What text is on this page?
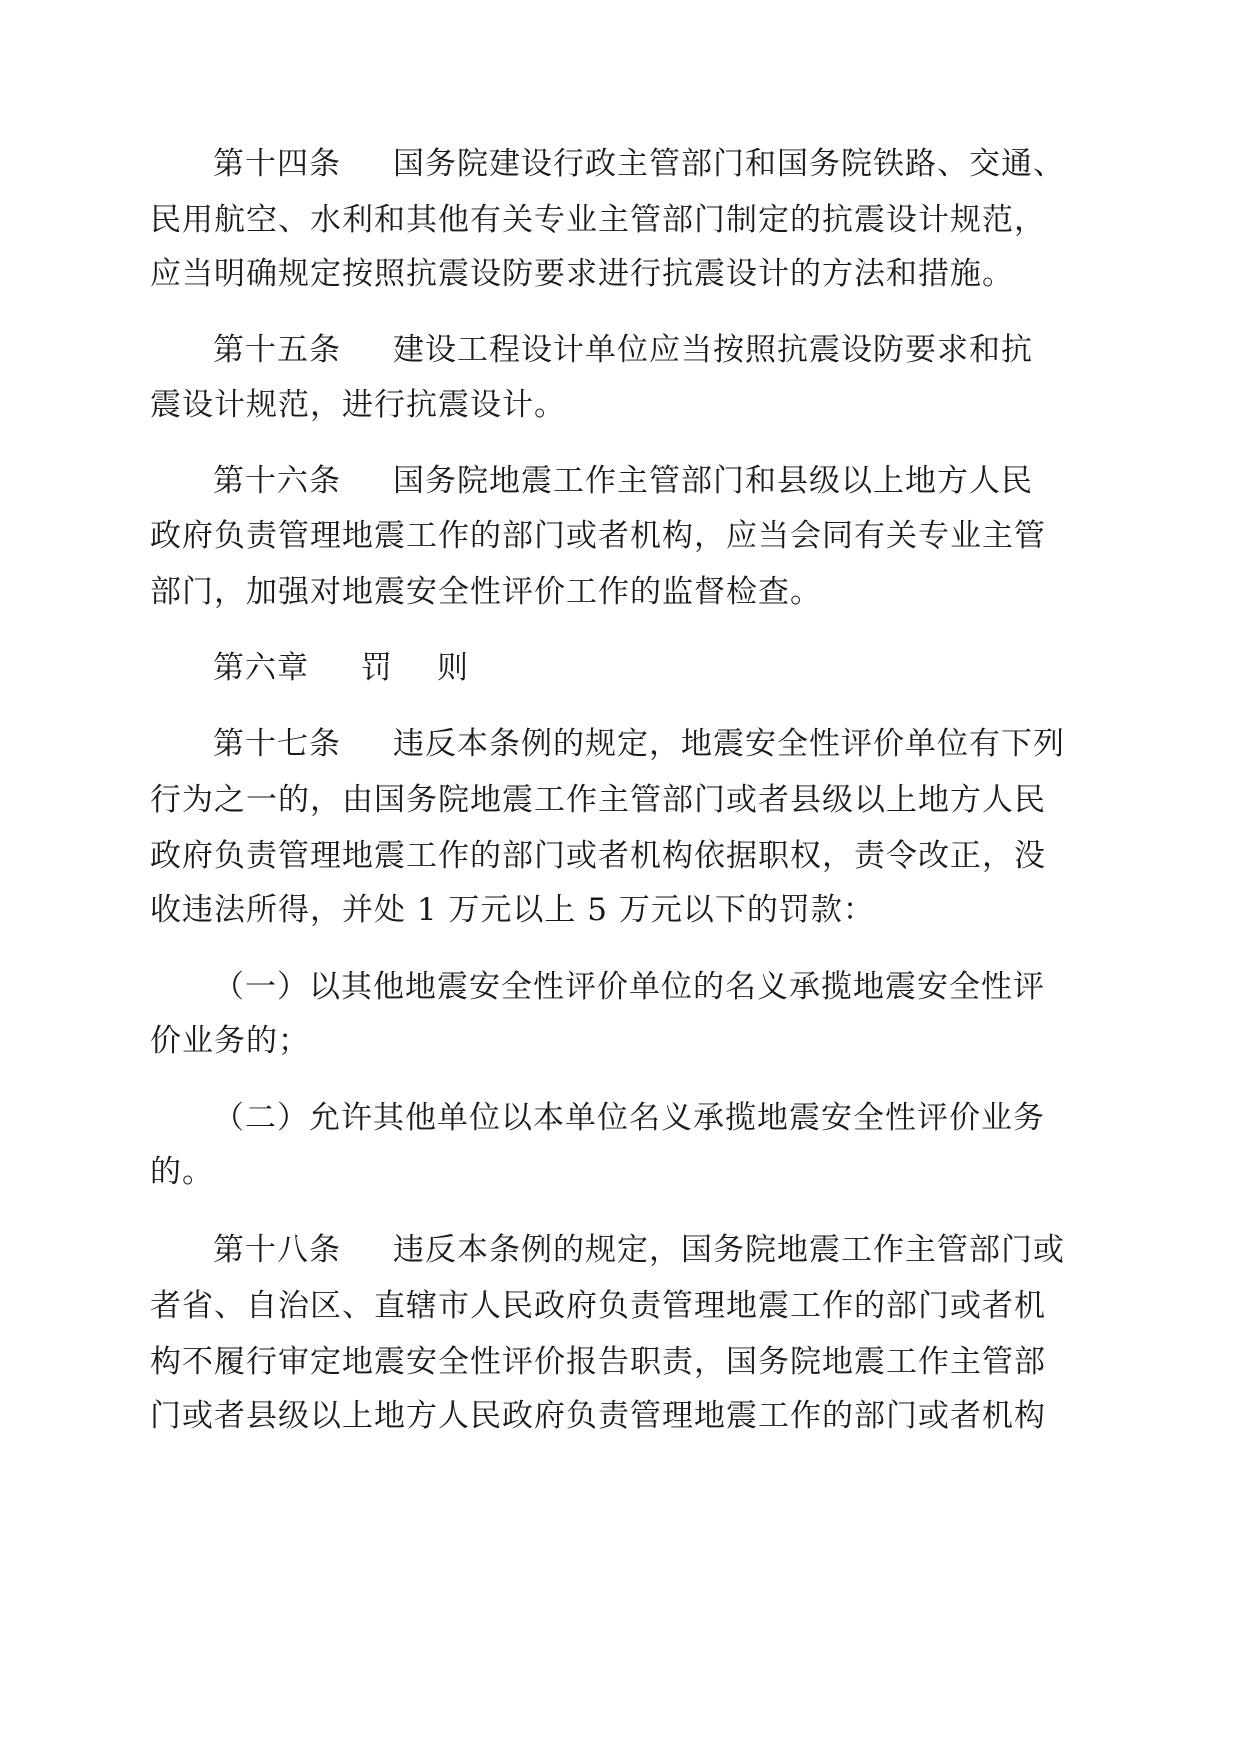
第十四条 国务院建设行政主管部门和国务院铁路、交通、
民用航空、水利和其他有关专业主管部门制定的抗震设计规范，
应当明确规定按照抗震设防要求进行抗震设计的方法和措施。
第十五条 建设工程设计单位应当按照抗震设防要求和抗
震设计规范，进行抗震设计。
第十六条 国务院地震工作主管部门和县级以上地方人民
政府负责管理地震工作的部门或者机构，应当会同有关专业主管
部门，加强对地震安全性评价工作的监督检查。
第六章 罚 则
第十七条 违反本条例的规定，地震安全性评价单位有下列
行为之一的，由国务院地震工作主管部门或者县级以上地方人民
政府负责管理地震工作的部门或者机构依据职权，责令改正，没
收违法所得，并处 1 万元以上 5 万元以下的罚款：
（一）以其他地震安全性评价单位的名义承揽地震安全性评
价业务的；
（二）允许其他单位以本单位名义承揽地震安全性评价业务
的。
第十八条 违反本条例的规定，国务院地震工作主管部门或
者省、自治区、直辖市人民政府负责管理地震工作的部门或者机
构不履行审定地震安全性评价报告职责，国务院地震工作主管部
门或者县级以上地方人民政府负责管理地震工作的部门或者机构
